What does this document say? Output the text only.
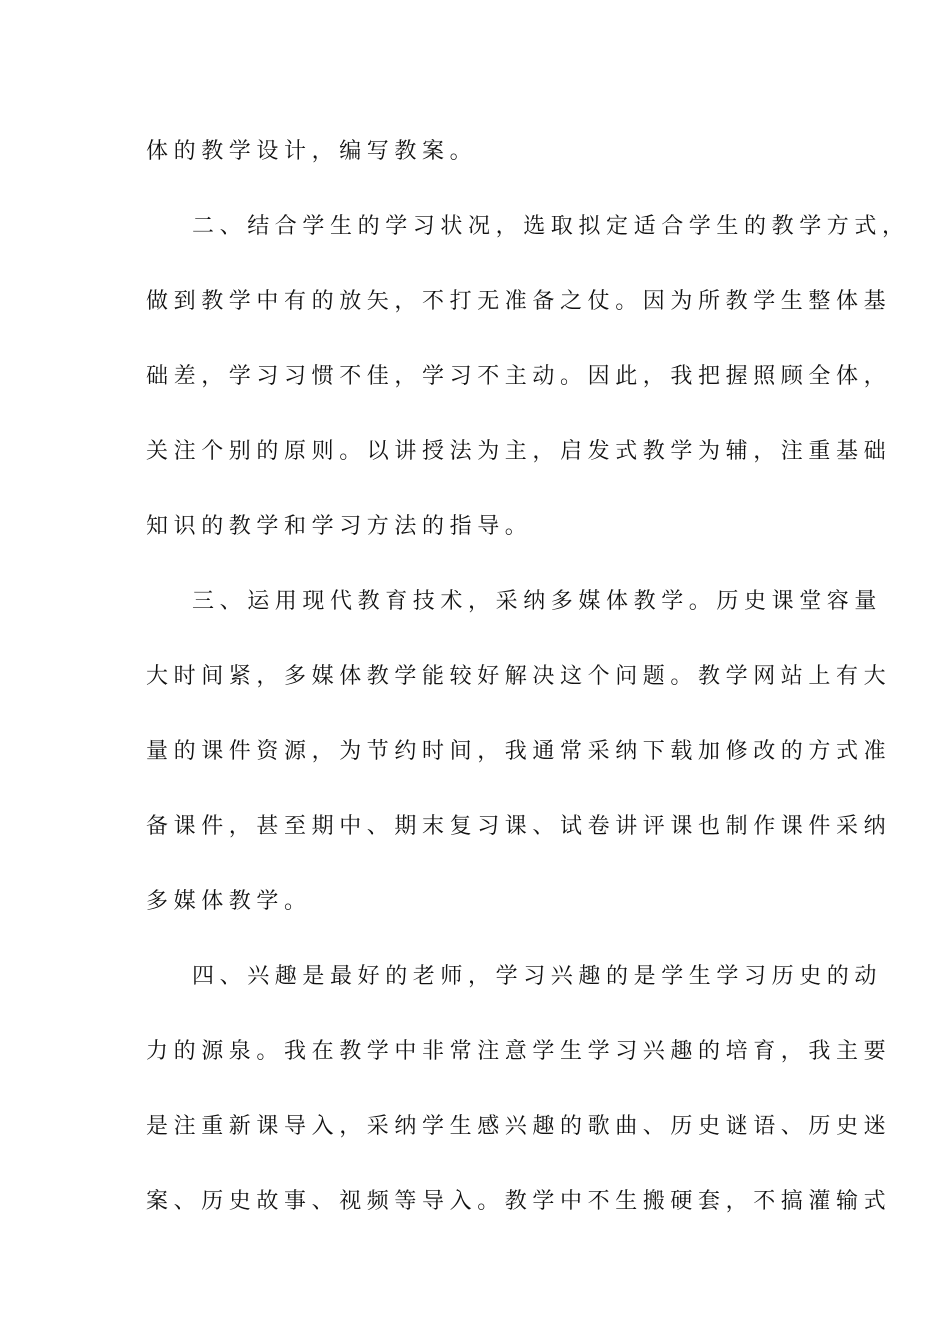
体的教学设计，编写教案。
二、结合学生的学习状况，选取拟定适合学生的教学方式，
做到教学中有的放矢，不打无准备之仗。因为所教学生整体基
础差，学习习惯不佳，学习不主动。因此，我把握照顾全体，
关注个别的原则。以讲授法为主，启发式教学为辅，注重基础
知识的教学和学习方法的指导。
三、运用现代教育技术，采纳多媒体教学。历史课堂容量
大时间紧，多媒体教学能较好解决这个问题。教学网站上有大
量的课件资源，为节约时间，我通常采纳下载加修改的方式准
备课件，甚至期中、期末复习课、试卷讲评课也制作课件采纳
多媒体教学。
四、兴趣是最好的老师，学习兴趣的是学生学习历史的动
力的源泉。我在教学中非常注意学生学习兴趣的培育，我主要
是注重新课导入，采纳学生感兴趣的歌曲、历史谜语、历史迷
案、历史故事、视频等导入。教学中不生搬硬套，不搞灌输式
